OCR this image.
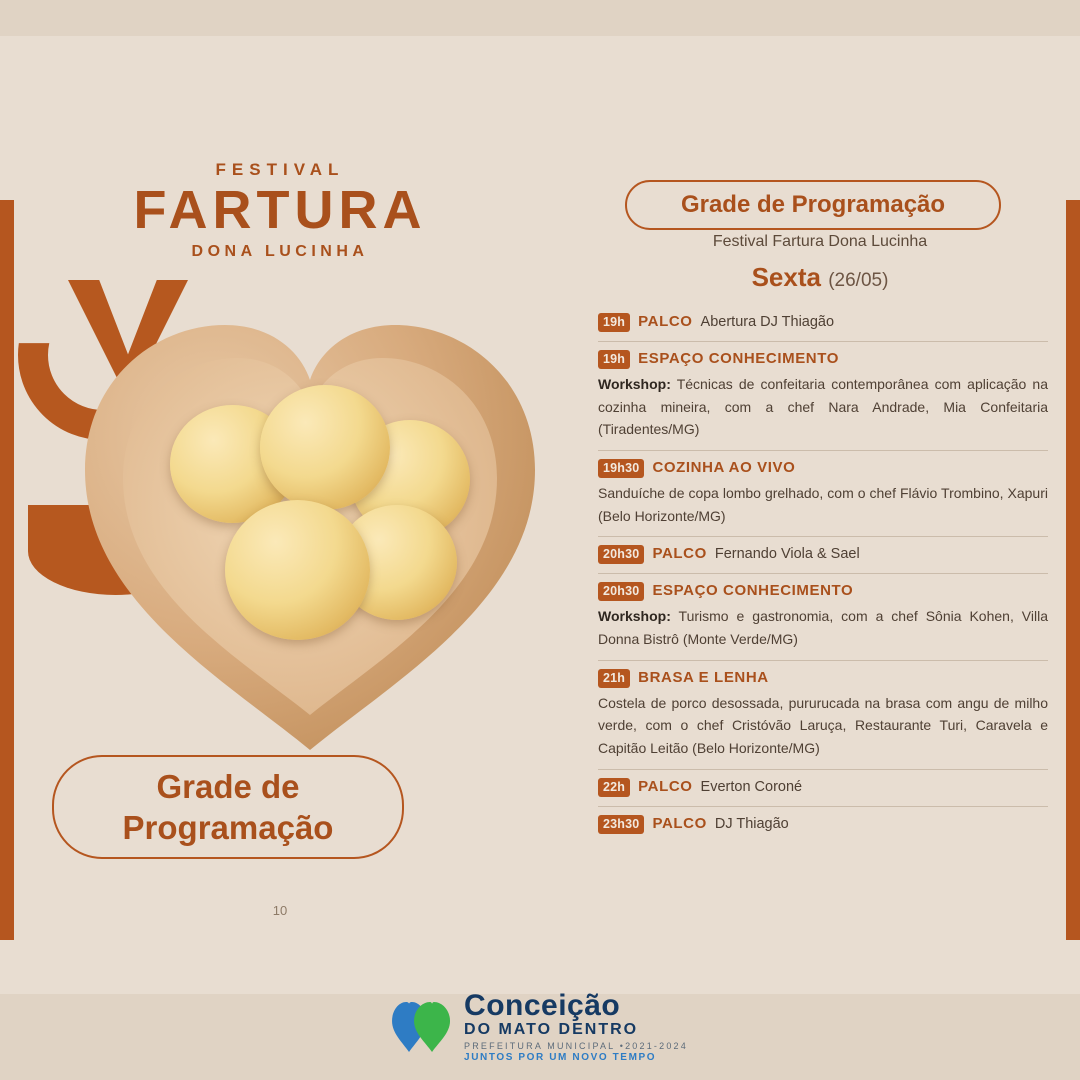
FESTIVAL
FARTURA
DONA LUCINHA
Grade de
Programação
10
Grade de Programação
Festival Fartura Dona Lucinha
Sexta (26/05)
19h PALCO Abertura DJ Thiagão
19h ESPAÇO CONHECIMENTO
Workshop: Técnicas de confeitaria contemporânea com aplicação na cozinha mineira, com a chef Nara Andrade, Mia Confeitaria (Tiradentes/MG)
19h30 COZINHA AO VIVO
Sanduíche de copa lombo grelhado, com o chef Flávio Trombino, Xapuri (Belo Horizonte/MG)
20h30 PALCO Fernando Viola & Sael
20h30 ESPAÇO CONHECIMENTO
Workshop: Turismo e gastronomia, com a chef Sônia Kohen, Villa Donna Bistrô (Monte Verde/MG)
21h BRASA E LENHA
Costela de porco desossada, pururucada na brasa com angu de milho verde, com o chef Cristóvão Laruça, Restaurante Turi, Caravela e Capitão Leitão (Belo Horizonte/MG)
22h PALCO Everton Coroné
23h30 PALCO DJ Thiagão
Conceição
DO MATO DENTRO
PREFEITURA MUNICIPAL •2021-2024
JUNTOS POR UM NOVO TEMPO
